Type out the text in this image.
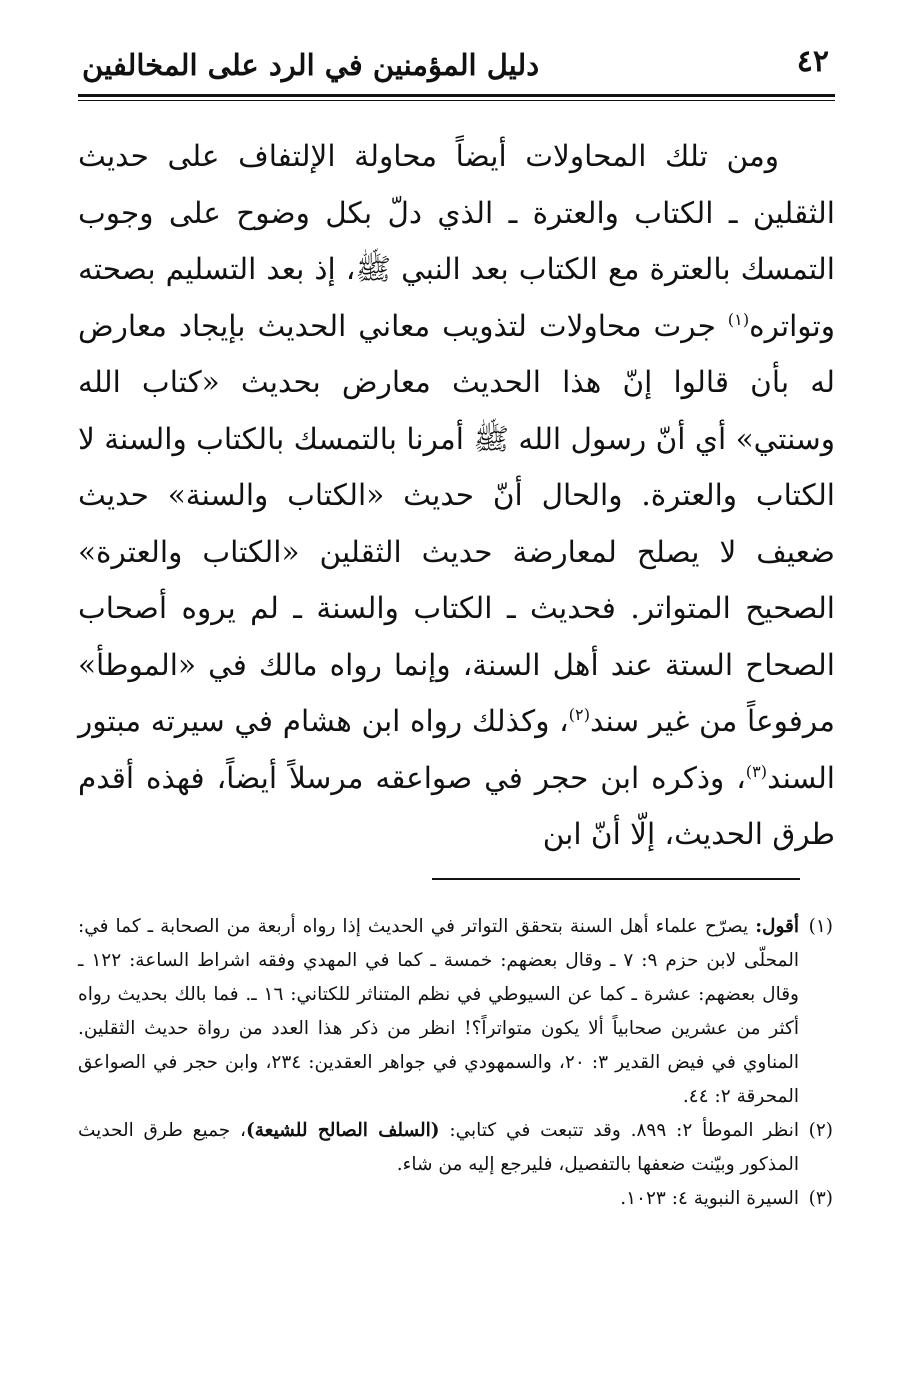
٤٢
دليل المؤمنين في الرد على المخالفين

ومن تلك المحاولات أيضاً محاولة الإلتفاف على حديث الثقلين ـ الكتاب والعترة ـ الذي دلّ بكل وضوح على وجوب التمسك بالعترة مع الكتاب بعد النبي ﷺ، إذ بعد التسليم بصحته وتواتره$^{(١)}$ جرت محاولات لتذويب معاني الحديث بإيجاد معارض له بأن قالوا إنّ هذا الحديث معارض بحديث «كتاب الله وسنتي» أي أنّ رسول الله ﷺ أمرنا بالتمسك بالكتاب والسنة لا الكتاب والعترة. والحال أنّ حديث «الكتاب والسنة» حديث ضعيف لا يصلح لمعارضة حديث الثقلين «الكتاب والعترة» الصحيح المتواتر. فحديث ـ الكتاب والسنة ـ لم يروه أصحاب الصحاح الستة عند أهل السنة، وإنما رواه مالك في «الموطأ» مرفوعاً من غير سند$^{(٢)}$، وكذلك رواه ابن هشام في سيرته مبتور السند$^{(٣)}$، وذكره ابن حجر في صواعقه مرسلاً أيضاً، فهذه أقدم طرق الحديث، إلّا أنّ ابن

(١)
أقول: يصرّح علماء أهل السنة بتحقق التواتر في الحديث إذا رواه أربعة من الصحابة ـ كما في: المحلّى لابن حزم ٩: ٧ ـ وقال بعضهم: خمسة ـ كما في المهدي وفقه اشراط الساعة: ١٢٢ ـ وقال بعضهم: عشرة ـ كما عن السيوطي في نظم المتناثر للكتاني: ١٦ ـ. فما بالك بحديث رواه أكثر من عشرين صحابياً ألا يكون متواتراً؟! انظر من ذكر هذا العدد من رواة حديث الثقلين. المناوي في فيض القدير ٣: ٢٠، والسمهودي في جواهر العقدين: ٢٣٤، وابن حجر في الصواعق المحرقة ٢: ٤٤.

(٢)
انظر الموطأ ٢: ٨٩٩. وقد تتبعت في كتابي: (السلف الصالح للشيعة)، جميع طرق الحديث المذكور وبيّنت ضعفها بالتفصيل، فليرجع إليه من شاء.

(٣)
السيرة النبوية ٤: ١٠٢٣.
